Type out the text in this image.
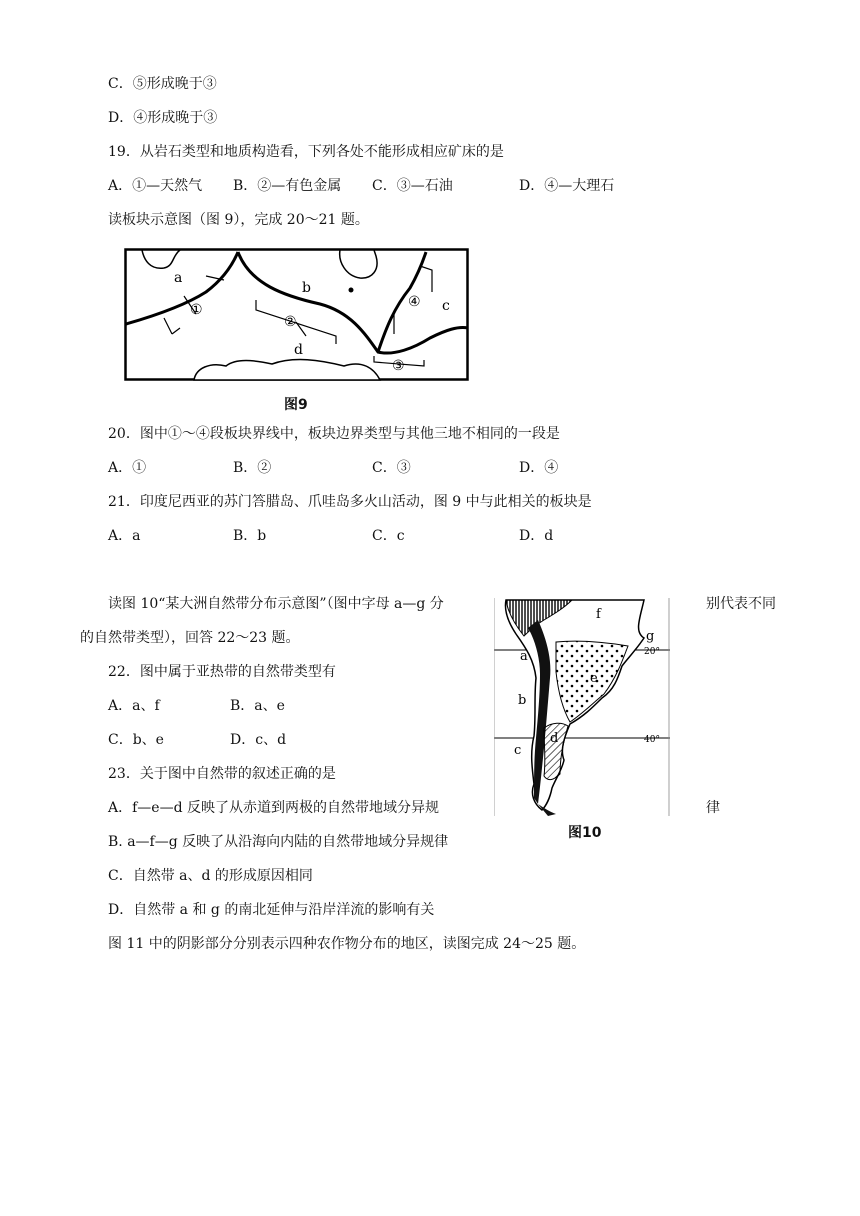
C．⑤形成晚于③
D．④形成晚于③
19．从岩石类型和地质构造看，下列各处不能形成相应矿床的是
A．①—天然气 B．②—有色金属 C．③—石油	D．④—大理石
读板块示意图（图 9），完成 20～21 题。
a
b
c
d
①
②
③
④
图9
20．图中①～④段板块界线中，板块边界类型与其他三地不相同的一段是
A．①	B．②	C．③	D．④
21．印度尼西亚的苏门答腊岛、爪哇岛多火山活动，图 9 中与此相关的板块是
A．a	B．b	C．c	D．d
读图 10“某大洲自然带分布示意图”（图中字母 a—g 分	别代表不同
的自然带类型），回答 22～23 题。
22．图中属于亚热带的自然带类型有
A．a、f	B．a、e
C．b、e	D．c、d
23．关于图中自然带的叙述正确的是
A．f—e—d 反映了从赤道到两极的自然带地域分异规	律
B. a—f—g 反映了从沿海向内陆的自然带地域分异规律
C．自然带 a、d 的形成原因相同
D．自然带 a 和 g 的南北延伸与沿岸洋流的影响有关
图 11 中的阴影部分分别表示四种农作物分布的地区，读图完成 24～25 题。
f
g
a
b
e
c
d
20°
40°
图10
